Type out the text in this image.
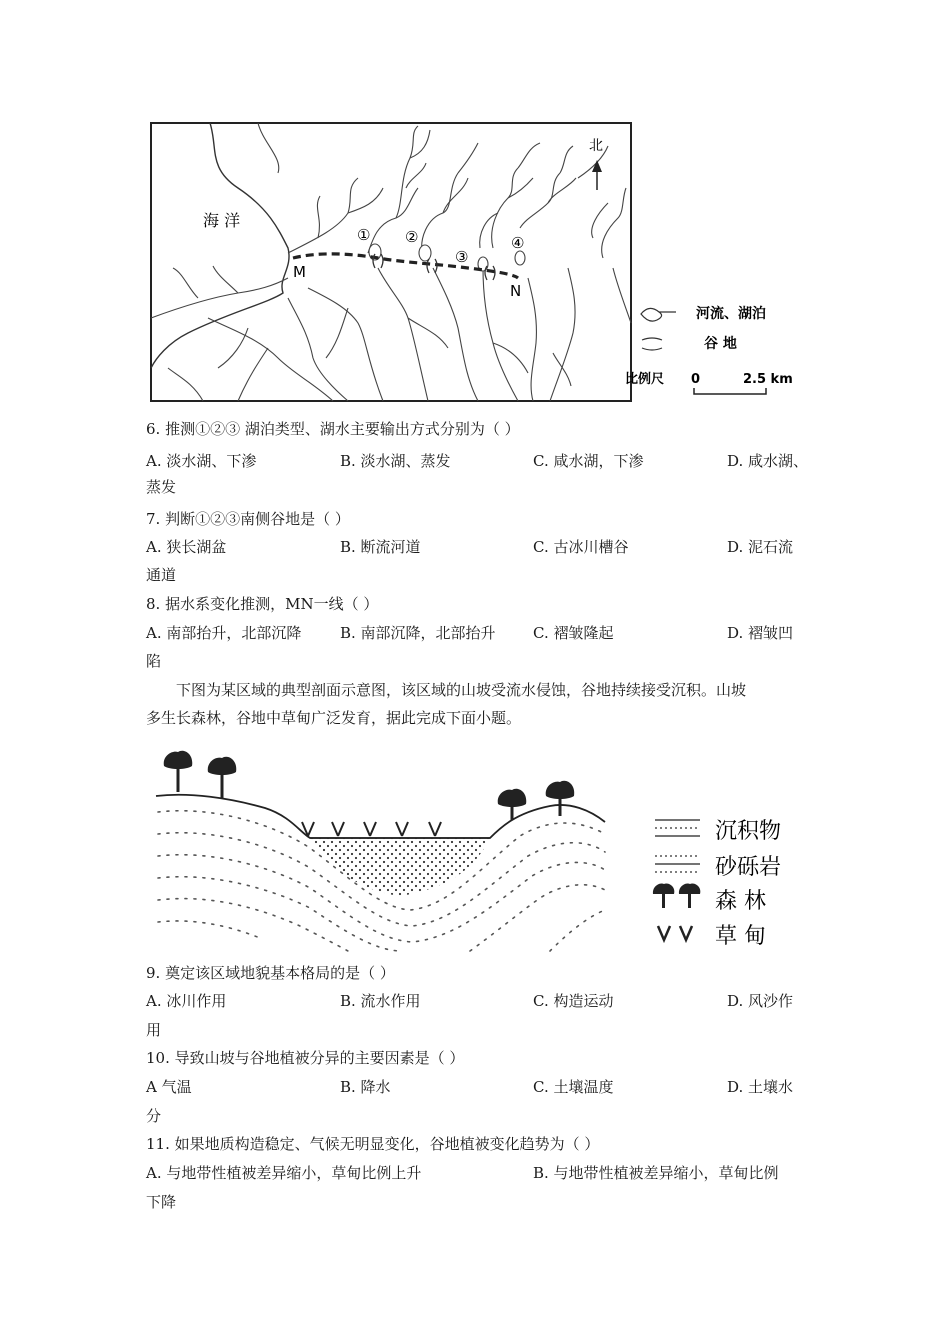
海 洋
M
N
① ②
③
④
北
河流、湖泊
谷 地
比例尺 0	2.5 km
6. 推测①②③ 湖泊类型、湖水主要输出方式分别为（ ）
A. 淡水湖、下渗	B. 淡水湖、蒸发	C. 咸水湖，下渗	D. 咸水湖、
蒸发
7. 判断①②③南侧谷地是（ ）
A. 狭长湖盆	B. 断流河道	C. 古冰川槽谷	D. 泥石流
通道
8. 据水系变化推测，MN一线（ ）
A. 南部抬升，北部沉降	B. 南部沉降，北部抬升 C. 褶皱隆起	D. 褶皱凹
陷
下图为某区域的典型剖面示意图，该区域的山坡受流水侵蚀，谷地持续接受沉积。山坡
多生长森林，谷地中草甸广泛发育，据此完成下面小题。
沉积物
砂砾岩
森 林
草 甸
9. 奠定该区域地貌基本格局的是（ ）
A. 冰川作用	B. 流水作用	C. 构造运动	D. 风沙作
用
10. 导致山坡与谷地植被分异的主要因素是（ ）
A 气温	B. 降水	C. 土壤温度	D. 土壤水
分
11. 如果地质构造稳定、气候无明显变化，谷地植被变化趋势为（ ）
A. 与地带性植被差异缩小，草甸比例上升	B. 与地带性植被差异缩小，草甸比例
下降
